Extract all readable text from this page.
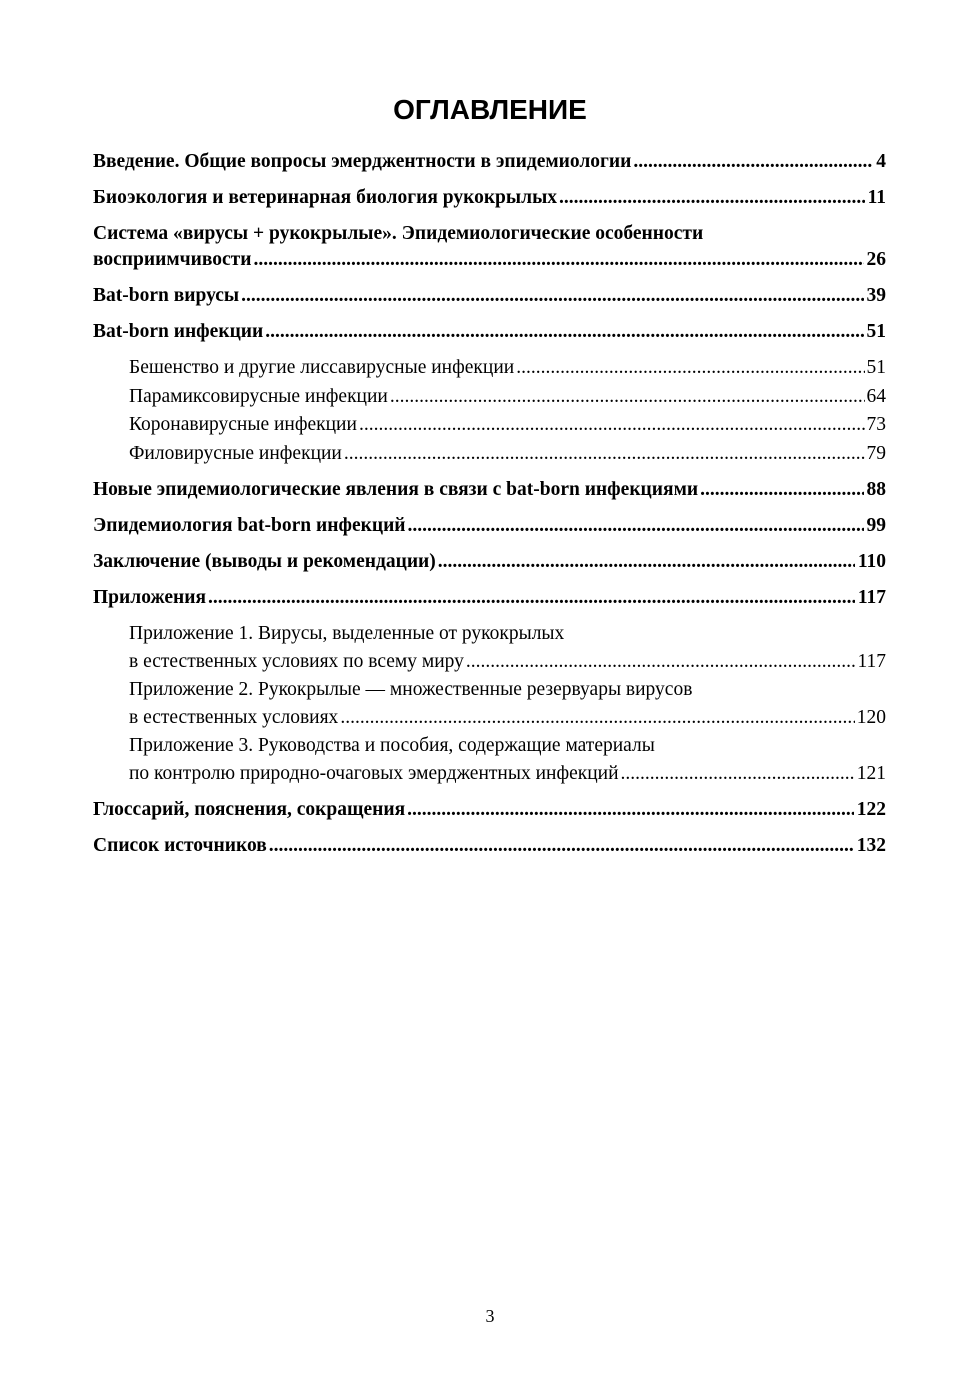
ОГЛАВЛЕНИЕ
Введение. Общие вопросы эмерджентности в эпидемиологии .....	4
Биоэкология и ветеринарная биология рукокрылых .....	11
Система «вирусы + рукокрылые». Эпидемиологические особенности
восприимчивости .....	26
Bat-born вирусы .....	39
Bat-born инфекции .....	51
Бешенство и другие лиссавирусные инфекции .....	51
Парамиксовирусные инфекции .....	64
Коронавирусные инфекции .....	73
Филовирусные инфекции .....	79
Новые эпидемиологические явления в связи с bat-born инфекциями .....	88
Эпидемиология bat-born инфекций .....	99
Заключение (выводы и рекомендации) .....	110
Приложения .....	117
Приложение 1. Вирусы, выделенные от рукокрылых
в естественных условиях по всему миру .....	117
Приложение 2. Рукокрылые — множественные резервуары вирусов
в естественных условиях .....	120
Приложение 3. Руководства и пособия, содержащие материалы
по контролю природно-очаговых эмерджентных инфекций .....	121
Глоссарий, пояснения, сокращения .....	122
Список источников .....	132
3
